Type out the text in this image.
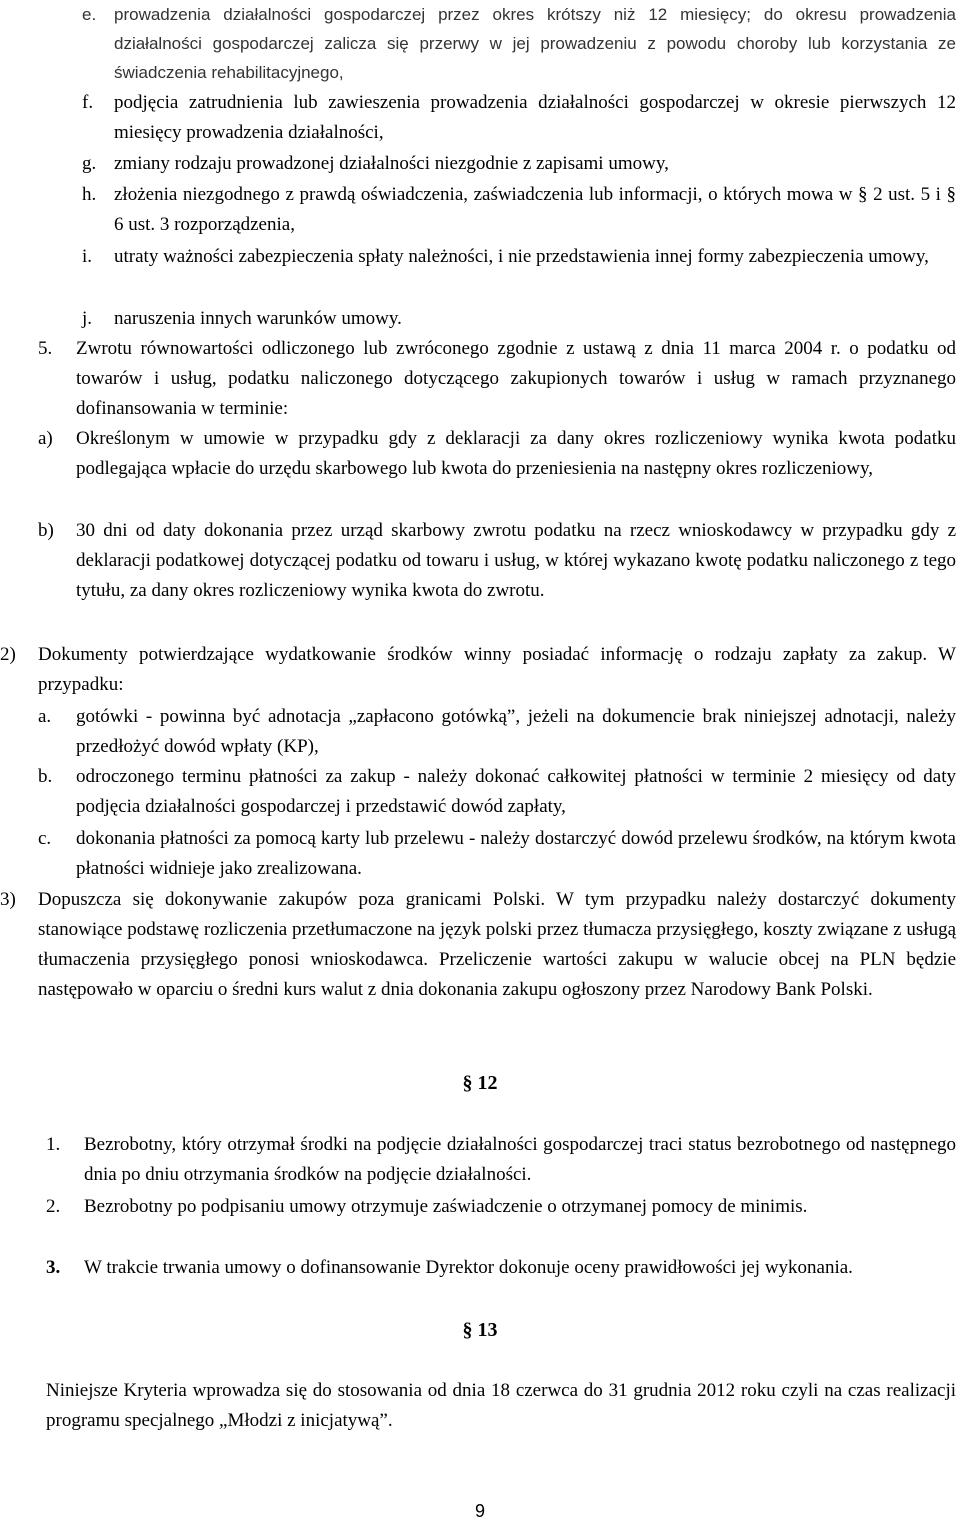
e. prowadzenia działalności gospodarczej przez okres krótszy niż 12 miesięcy; do okresu prowadzenia działalności gospodarczej zalicza się przerwy w jej prowadzeniu z powodu choroby lub korzystania ze świadczenia rehabilitacyjnego,
f. podjęcia zatrudnienia lub zawieszenia prowadzenia działalności gospodarczej w okresie pierwszych 12 miesięcy prowadzenia działalności,
g. zmiany rodzaju prowadzonej działalności niezgodnie z zapisami umowy,
h. złożenia niezgodnego z prawdą oświadczenia, zaświadczenia lub informacji, o których mowa w § 2 ust. 5 i § 6 ust. 3 rozporządzenia,
i. utraty ważności zabezpieczenia spłaty należności, i nie przedstawienia innej formy zabezpieczenia umowy,
j. naruszenia innych warunków umowy.
5. Zwrotu równowartości odliczonego lub zwróconego zgodnie z ustawą z dnia 11 marca 2004 r. o podatku od towarów i usług, podatku naliczonego dotyczącego zakupionych towarów i usług w ramach przyznanego dofinansowania w terminie:
a) Określonym w umowie w przypadku gdy z deklaracji za dany okres rozliczeniowy wynika kwota podatku podlegająca wpłacie do urzędu skarbowego lub kwota do przeniesienia na następny okres rozliczeniowy,
b) 30 dni od daty dokonania przez urząd skarbowy zwrotu podatku na rzecz wnioskodawcy w przypadku gdy z deklaracji podatkowej dotyczącej podatku od towaru i usług, w której wykazano kwotę podatku naliczonego z tego tytułu, za dany okres rozliczeniowy wynika kwota do zwrotu.
2) Dokumenty potwierdzające wydatkowanie środków winny posiadać informację o rodzaju zapłaty za zakup. W przypadku:
a. gotówki - powinna być adnotacja „zapłacono gotówką”, jeżeli na dokumencie brak niniejszej adnotacji, należy przedłożyć dowód wpłaty (KP),
b. odroczonego terminu płatności za zakup - należy dokonać całkowitej płatności w terminie 2 miesięcy od daty podjęcia działalności gospodarczej i przedstawić dowód zapłaty,
c. dokonania płatności za pomocą karty lub przelewu - należy dostarczyć dowód przelewu środków, na którym kwota płatności widnieje jako zrealizowana.
3) Dopuszcza się dokonywanie zakupów poza granicami Polski. W tym przypadku należy dostarczyć dokumenty stanowiące podstawę rozliczenia przetłumaczone na język polski przez tłumacza przysięgłego, koszty związane z usługą tłumaczenia przysięgłego ponosi wnioskodawca. Przeliczenie wartości zakupu w walucie obcej na PLN będzie następowało w oparciu o średni kurs walut z dnia dokonania zakupu ogłoszony przez Narodowy Bank Polski.
§ 12
1. Bezrobotny, który otrzymał środki na podjęcie działalności gospodarczej traci status bezrobotnego od następnego dnia po dniu otrzymania środków na podjęcie działalności.
2. Bezrobotny po podpisaniu umowy otrzymuje zaświadczenie o otrzymanej pomocy de minimis.
3. W trakcie trwania umowy o dofinansowanie Dyrektor dokonuje oceny prawidłowości jej wykonania.
§ 13
Niniejsze Kryteria wprowadza się do stosowania od dnia 18 czerwca do 31 grudnia 2012 roku czyli na czas realizacji programu specjalnego „Młodzi z inicjatywą”.
9
